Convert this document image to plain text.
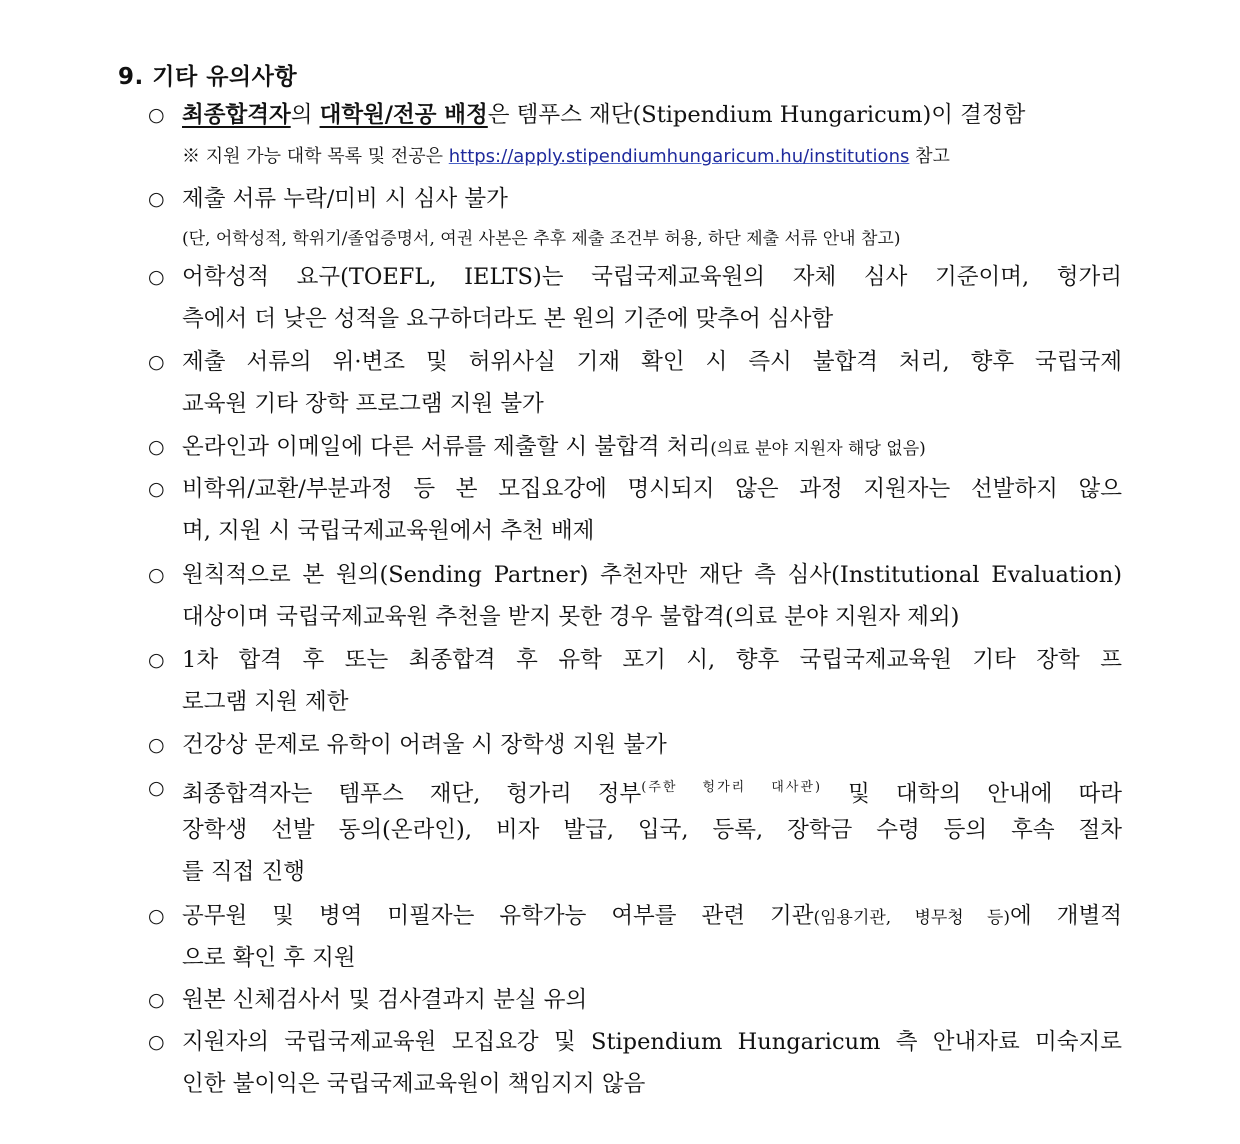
9. 기타 유의사항
○ 최종합격자의 대학원/전공 배정은 템푸스 재단(Stipendium Hungaricum)이 결정함
※ 지원 가능 대학 목록 및 전공은 https://apply.stipendiumhungaricum.hu/institutions 참고
○ 제출 서류 누락/미비 시 심사 불가
(단, 어학성적, 학위기/졸업증명서, 여권 사본은 추후 제출 조건부 허용, 하단 제출 서류 안내 참고)
○ 어학성적 요구(TOEFL, IELTS)는 국립국제교육원의 자체 심사 기준이며, 헝가리
측에서 더 낮은 성적을 요구하더라도 본 원의 기준에 맞추어 심사함
○ 제출 서류의 위·변조 및 허위사실 기재 확인 시 즉시 불합격 처리, 향후 국립국제
교육원 기타 장학 프로그램 지원 불가
○ 온라인과 이메일에 다른 서류를 제출할 시 불합격 처리(의료 분야 지원자 해당 없음)
○ 비학위/교환/부분과정 등 본 모집요강에 명시되지 않은 과정 지원자는 선발하지 않으
며, 지원 시 국립국제교육원에서 추천 배제
○ 원칙적으로 본 원의(Sending Partner) 추천자만 재단 측 심사(Institutional Evaluation)
대상이며 국립국제교육원 추천을 받지 못한 경우 불합격(의료 분야 지원자 제외)
○ 1차 합격 후 또는 최종합격 후 유학 포기 시, 향후 국립국제교육원 기타 장학 프
로그램 지원 제한
○ 건강상 문제로 유학이 어려울 시 장학생 지원 불가
○ 최종합격자는 템푸스 재단, 헝가리 정부$^{(주한 헝가리 대사관)}$ 및 대학의 안내에 따라
장학생 선발 동의(온라인), 비자 발급, 입국, 등록, 장학금 수령 등의 후속 절차
를 직접 진행
○ 공무원 및 병역 미필자는 유학가능 여부를 관련 기관(임용기관, 병무청 등)에 개별적
으로 확인 후 지원
○ 원본 신체검사서 및 검사결과지 분실 유의
○ 지원자의 국립국제교육원 모집요강 및 Stipendium Hungaricum 측 안내자료 미숙지로
인한 불이익은 국립국제교육원이 책임지지 않음
